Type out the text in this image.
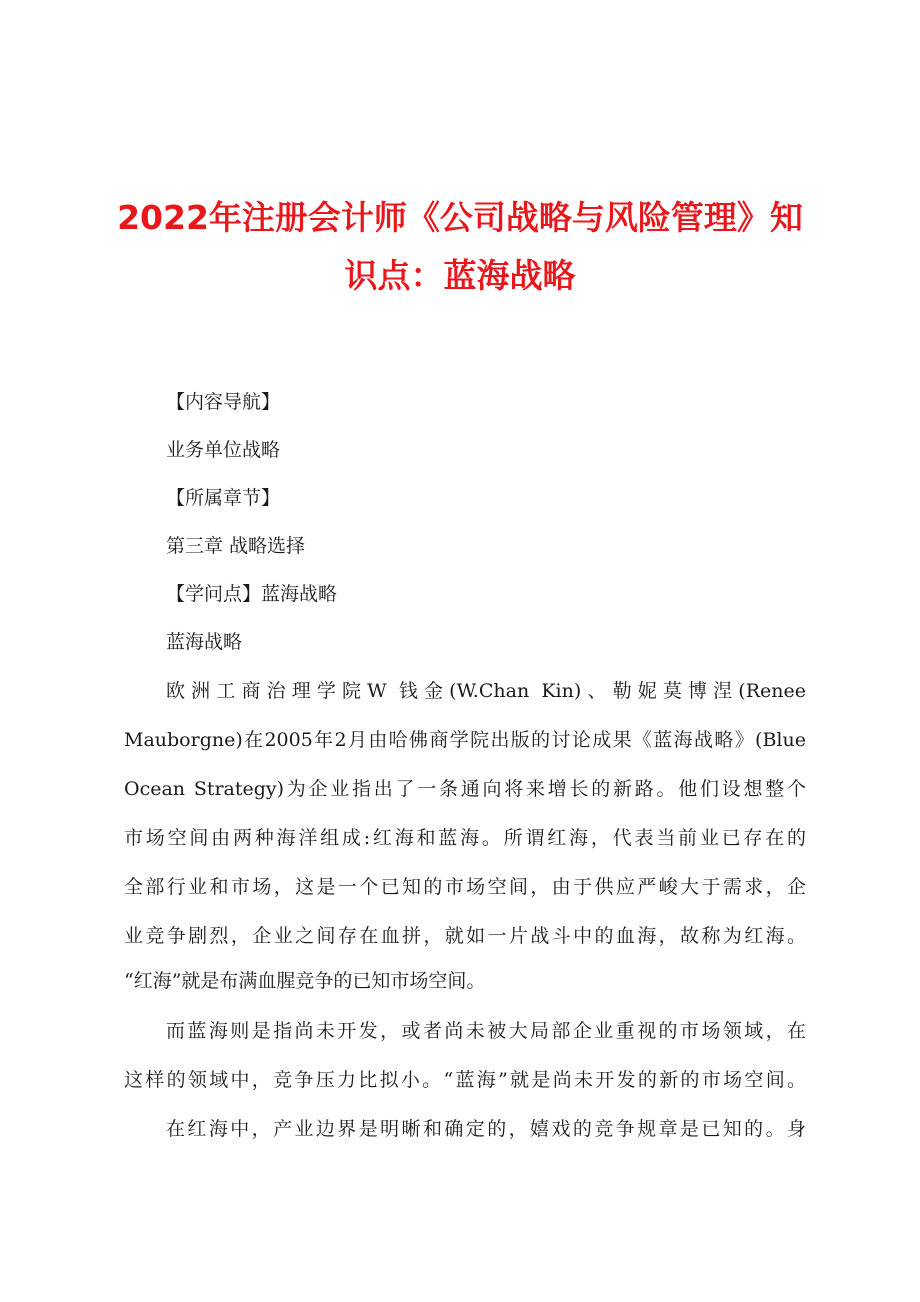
2022年注册会计师《公司战略与风险管理》知
识点：蓝海战略

【内容导航】

业务单位战略

【所属章节】

第三章 战略选择

【学问点】蓝海战略

蓝海战略

欧洲工商治理学院W 钱金(W.Chan Kin)、勒妮莫博涅(Renee

Mauborgne)在2005年2月由哈佛商学院出版的讨论成果《蓝海战略》(Blue

Ocean Strategy)为企业指出了一条通向将来增长的新路。他们设想整个

市场空间由两种海洋组成:红海和蓝海。所谓红海，代表当前业已存在的

全部行业和市场，这是一个已知的市场空间，由于供应严峻大于需求，企

业竞争剧烈，企业之间存在血拼，就如一片战斗中的血海，故称为红海。

“红海”就是布满血腥竞争的已知市场空间。

而蓝海则是指尚未开发，或者尚未被大局部企业重视的市场领域，在

这样的领域中，竞争压力比拟小。“蓝海”就是尚未开发的新的市场空间。

在红海中，产业边界是明晰和确定的，嬉戏的竞争规章是已知的。身
